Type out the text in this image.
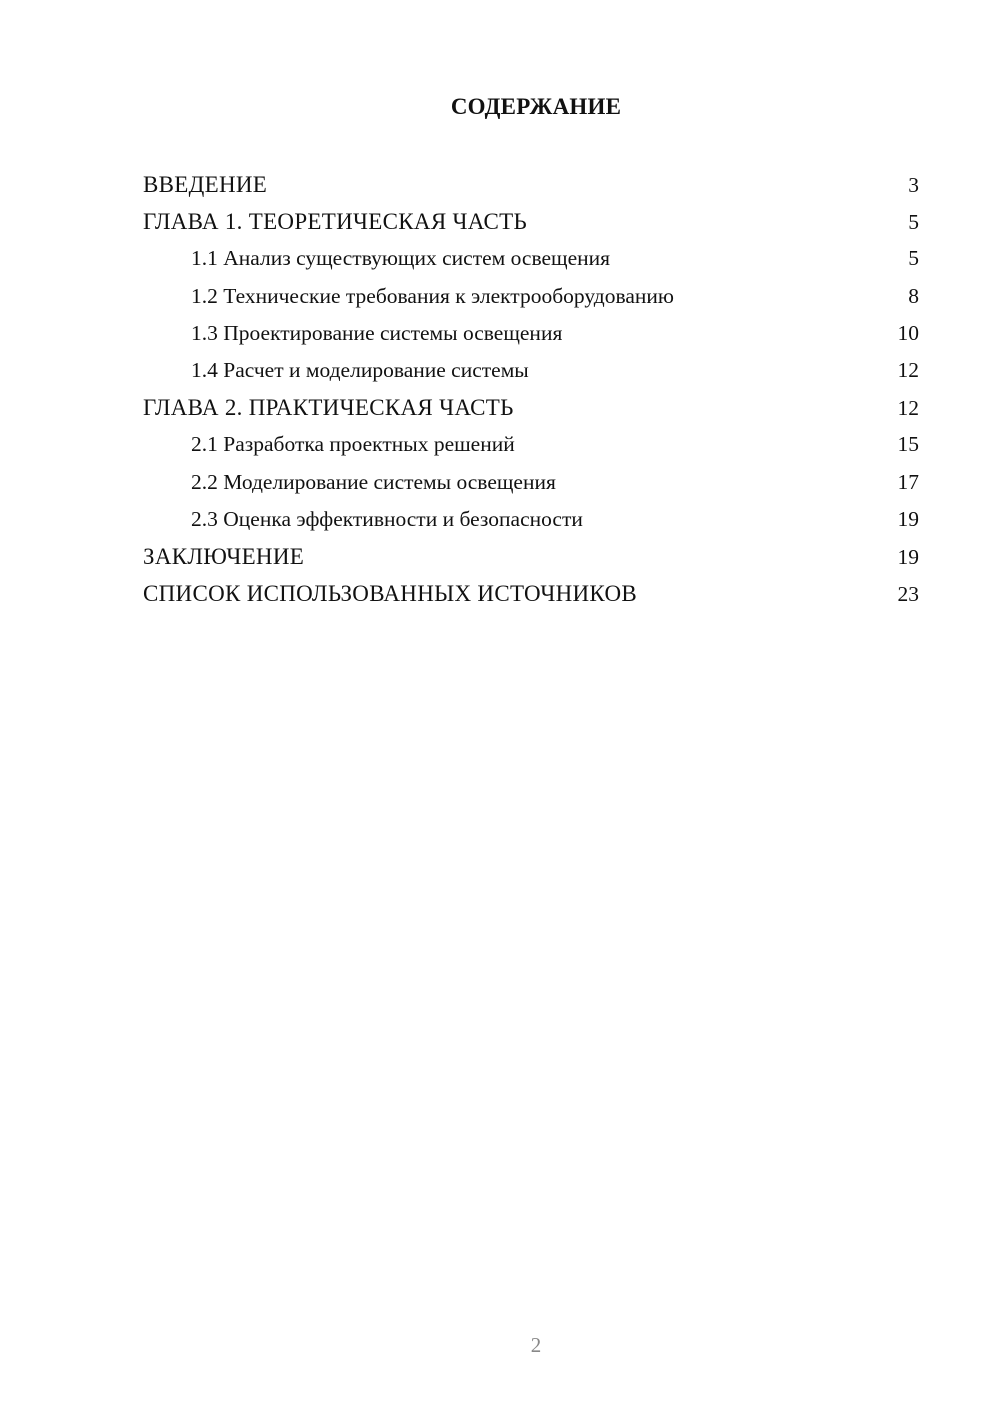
СОДЕРЖАНИЕ
ВВЕДЕНИЕ	3
ГЛАВА 1. ТЕОРЕТИЧЕСКАЯ ЧАСТЬ	5
1.1 Анализ существующих систем освещения	5
1.2 Технические требования к электрооборудованию	8
1.3 Проектирование системы освещения	10
1.4 Расчет и моделирование системы	12
ГЛАВА 2. ПРАКТИЧЕСКАЯ ЧАСТЬ	12
2.1 Разработка проектных решений	15
2.2 Моделирование системы освещения	17
2.3 Оценка эффективности и безопасности	19
ЗАКЛЮЧЕНИЕ	19
СПИСОК ИСПОЛЬЗОВАННЫХ ИСТОЧНИКОВ	23
2
